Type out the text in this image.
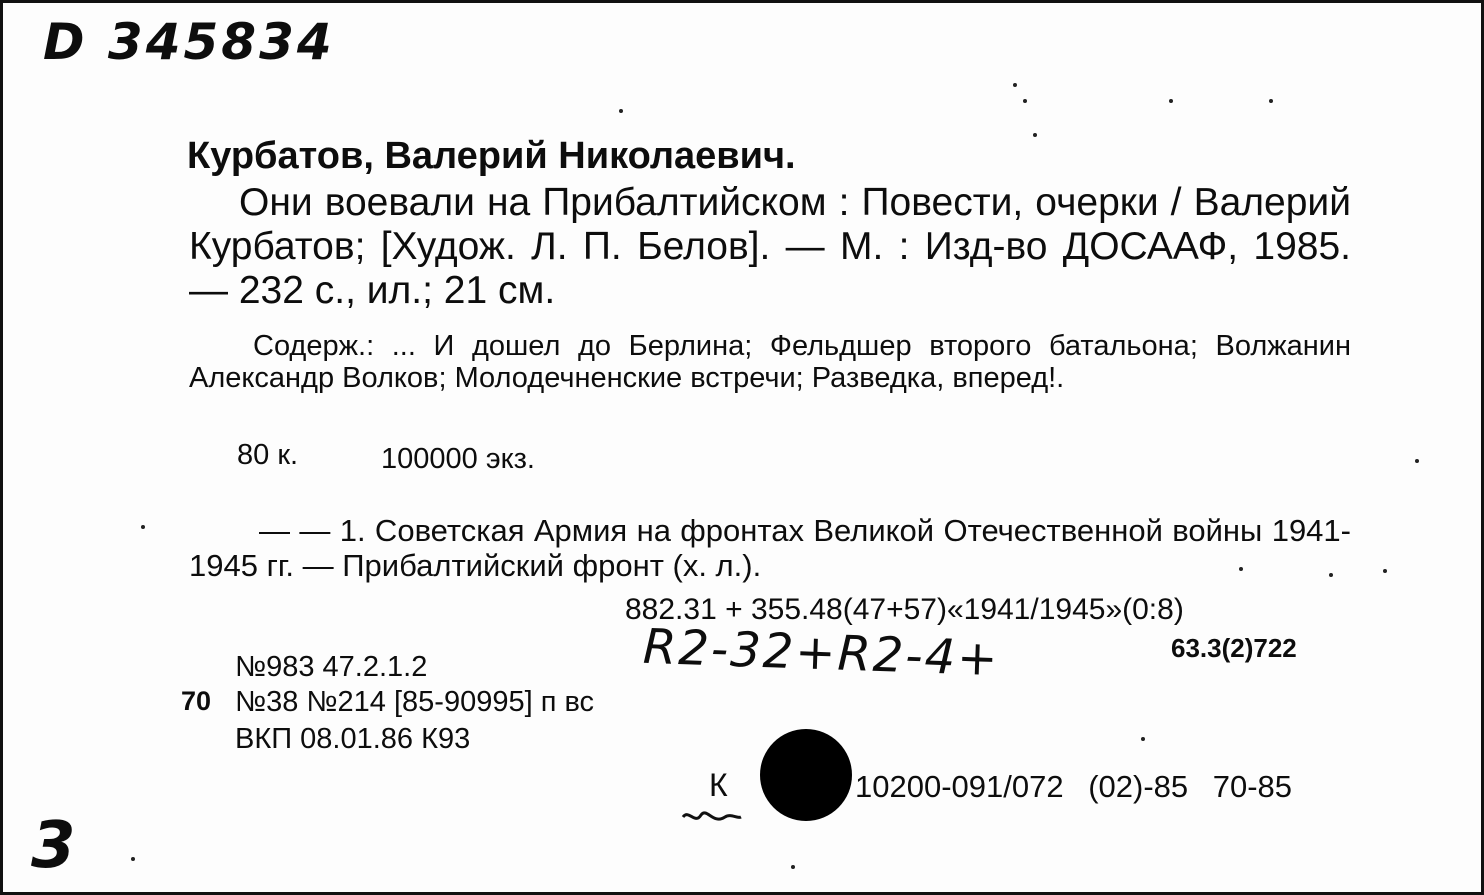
D 345834
Курбатов, Валерий Николаевич.
Они воевали на Прибалтийском : Повести, очерки / Валерий Курбатов; [Худож. Л. П. Белов]. — М. : Изд-во ДОСААФ, 1985. — 232 с., ил.; 21 см.
Содерж.: ... И дошел до Берлина; Фельдшер второго батальона; Волжанин Александр Волков; Молодечненские встречи; Разведка, вперед!.
80 к.	100000 экз.
— — 1. Советская Армия на фронтах Великой Отечественной войны 1941-1945 гг. — Прибалтийский фронт (х. л.).
882.31 + 355.48(47+57)«1941/1945»(0:8)
63.3(2)722
№983 47.2.1.2	R2-32+R2-4+
70 №38 №214 [85-90995] п вс
ВКП 08.01.86 К93
К	10200-091/072 (02)-85 70-85
3
